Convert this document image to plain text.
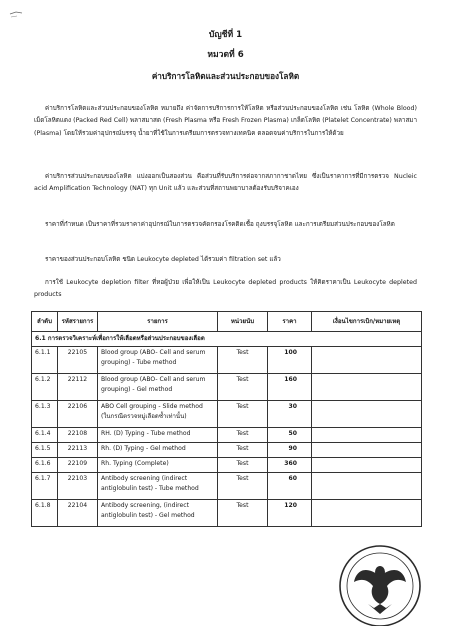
บัญชีที่ 1
หมวดที่ 6
ค่าบริการโลหิตและส่วนประกอบของโลหิต
ค่าบริการโลหิตและส่วนประกอบของโลหิต หมายถึง ค่าจัดการบริการการให้โลหิต หรือส่วนประกอบของโลหิต เช่น โลหิต (Whole Blood) เม็ดโลหิตแดง (Packed Red Cell) พลาสมาสด (Fresh Plasma หรือ Fresh Frozen Plasma) เกล็ดโลหิต (Platelet Concentrate) พลาสมา (Plasma) โดยให้รวมค่าอุปกรณ์บรรจุ น้ำยาที่ใช้ในการเตรียมการตรวจทางเทคนิค ตลอดจนค่าบริการในการให้ด้วย
ค่าบริการส่วนประกอบของโลหิต แบ่งออกเป็นสองส่วน คือส่วนที่รับบริการต่อจากสภากาชาดไทย ซึ่งเป็นราคาการที่มีการตรวจ Nucleic acid Amplification Technology (NAT) ทุก Unit แล้ว และส่วนที่สถานพยาบาลต้องรับบริจาคเอง
ราคาที่กำหนด เป็นราคาที่รวมราคาค่าอุปกรณ์ในการตรวจคัดกรองโรคติดเชื้อ ถุงบรรจุโลหิต และการเตรียมส่วนประกอบของโลหิต
ราคาของส่วนประกอบโลหิต ชนิด Leukocyte depleted ได้รวมค่า filtration set แล้ว
การใช้ Leukocyte depletion filter ที่หอผู้ป่วย เพื่อให้เป็น Leukocyte depleted products ให้คิดราคาเป็น Leukocyte depleted products
ลำดับ	รหัสรายการ	รายการ	หน่วยนับ	ราคา	เงื่อนไขการเบิก/หมายเหตุ
6.1 การตรวจวิเคราะห์เพื่อการให้เลือดหรือส่วนประกอบของเลือด					
6.1.1	22105	Blood group (ABO- Cell and serum grouping) - Tube method	Test	100	
6.1.2	22112	Blood group (ABO- Cell and serum grouping) - Gel method	Test	160	
6.1.3	22106	ABO Cell grouping - Slide method (ในกรณีตรวจหมู่เลือดซ้ำเท่านั้น)	Test	30	
6.1.4	22108	RH. (D) Typing - Tube method	Test	50	
6.1.5	22113	Rh. (D) Typing - Gel method	Test	90	
6.1.6	22109	Rh. Typing (Complete)	Test	360	
6.1.7	22103	Antibody screening (indirect antiglobulin test) - Tube method	Test	60	
6.1.8	22104	Antibody screening, (indirect antiglobulin test) - Gel method	Test	120	
